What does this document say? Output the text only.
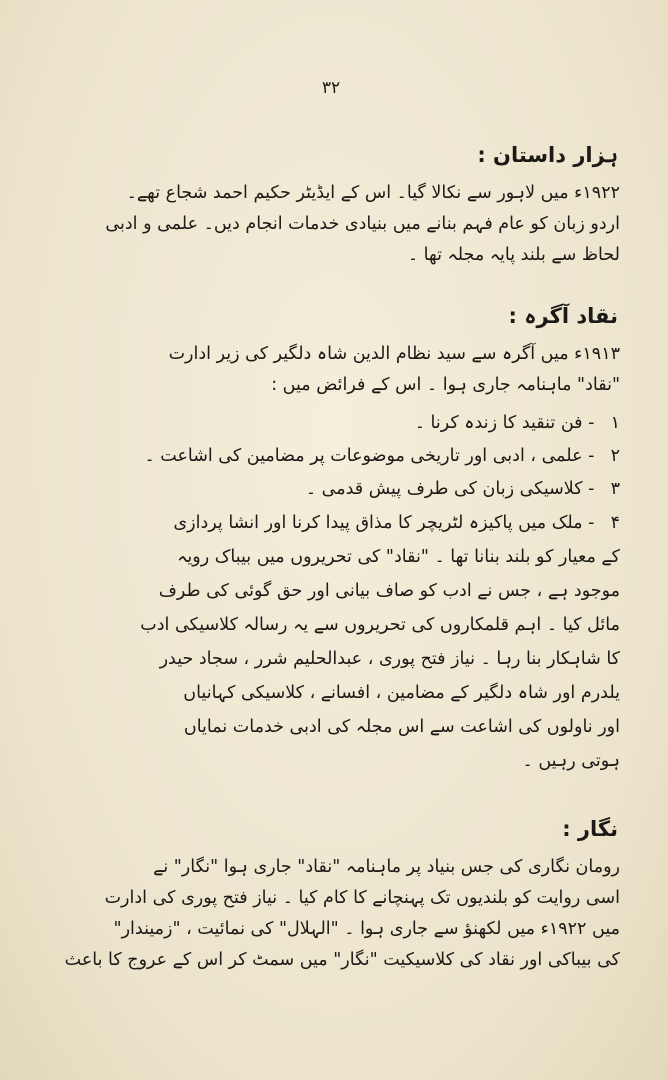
۳۲
ہزار داستان :

۱۹۲۲ء میں لاہور سے نکالا گیا۔ اس کے ایڈیٹر حکیم احمد شجاع تھے۔
اردو زبان کو عام فہم بنانے میں بنیادی خدمات انجام دیں۔ علمی و ادبی
لحاظ سے بلند پایہ مجلہ تھا ۔

نقاد آگرہ :

۱۹۱۳ء میں آگرہ سے سید نظام الدین شاہ دلگیر کی زیر ادارت
"نقاد" ماہنامہ جاری ہوا ۔ اس کے فرائض میں :

۱ - فن تنقید کا زندہ کرنا ۔
۲ - علمی ، ادبی اور تاریخی موضوعات پر مضامین کی اشاعت ۔
۳ - کلاسیکی زبان کی طرف پیش قدمی ۔
۴ - ملک میں پاکیزہ لٹریچر کا مذاق پیدا کرنا اور انشا پردازی
کے معیار کو بلند بنانا تھا ۔ "نقاد" کی تحریروں میں بیباک رویہ
موجود ہے ، جس نے ادب کو صاف بیانی اور حق گوئی کی طرف
مائل کیا ۔ اہم قلمکاروں کی تحریروں سے یہ رسالہ کلاسیکی ادب
کا شاہکار بنا رہا ۔ نیاز فتح پوری ، عبدالحلیم شرر ، سجاد حیدر
یلدرم اور شاہ دلگیر کے مضامین ، افسانے ، کلاسیکی کہانیاں
اور ناولوں کی اشاعت سے اس مجلہ کی ادبی خدمات نمایاں
ہوتی رہیں ۔
نگار :

رومان نگاری کی جس بنیاد پر ماہنامہ "نقاد" جاری ہوا "نگار" نے
اسی روایت کو بلندیوں تک پہنچانے کا کام کیا ۔ نیاز فتح پوری کی ادارت
میں ۱۹۲۲ء میں لکھنؤ سے جاری ہوا ۔ "الہلال" کی نمائیت ، "زمیندار"
کی بیباکی اور نقاد کی کلاسیکیت "نگار" میں سمٹ کر اس کے عروج کا باعث
